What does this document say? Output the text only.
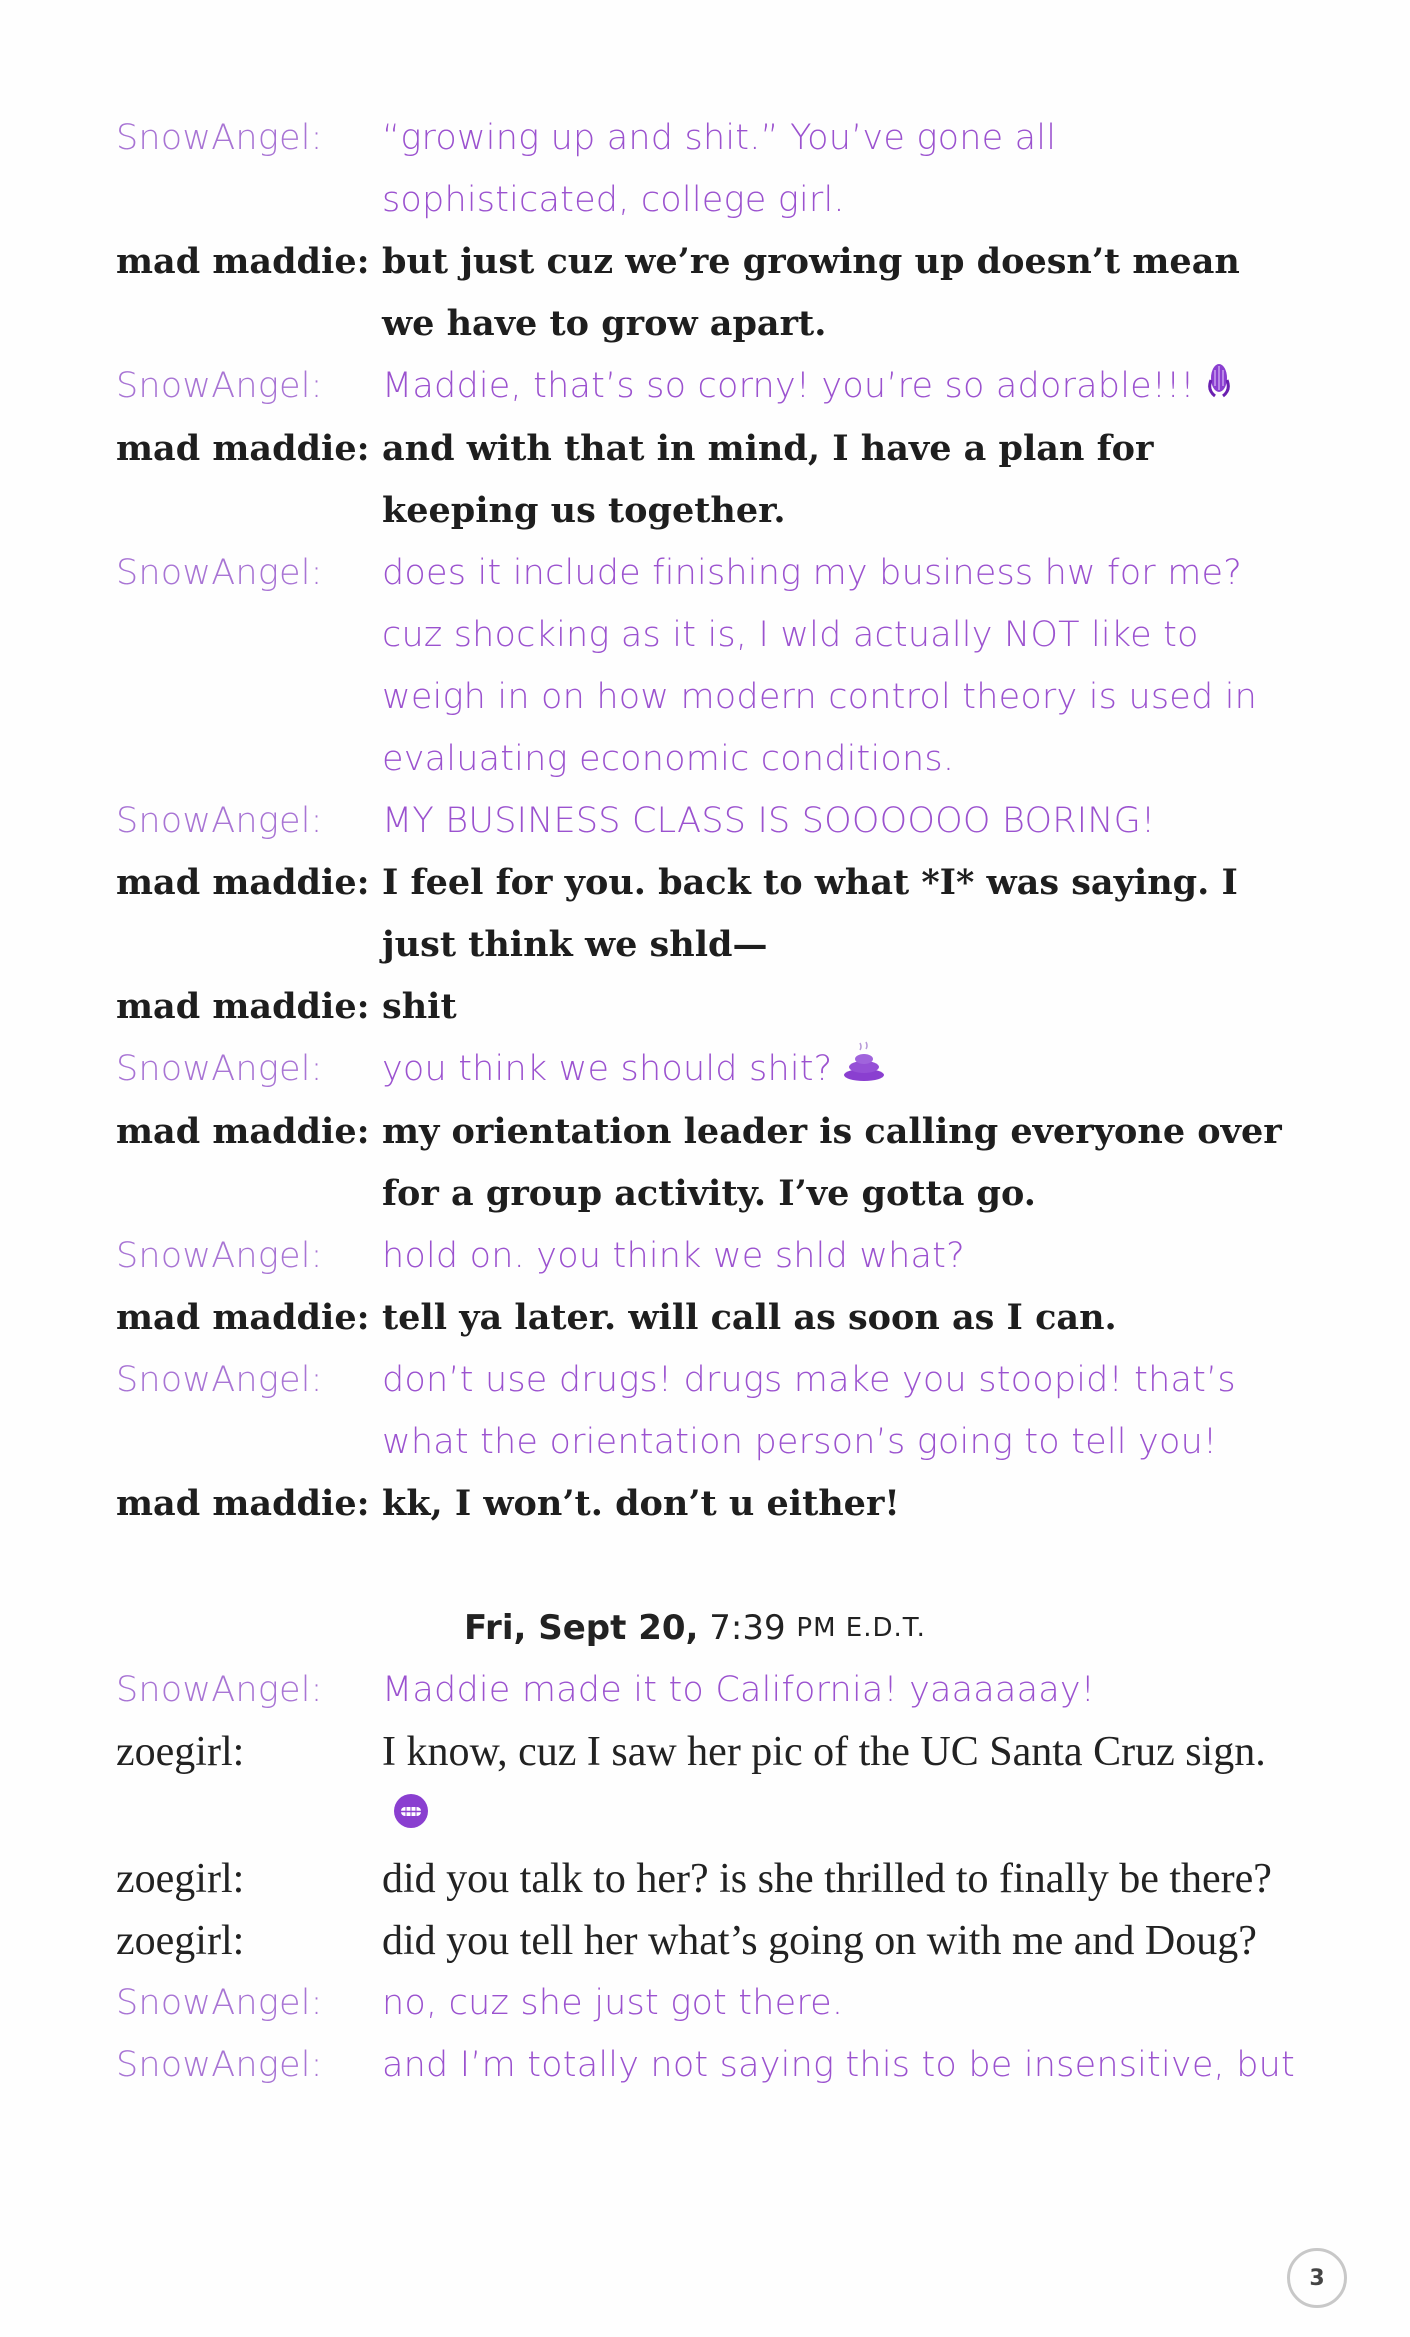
SnowAngel:	“growing up and shit.” You’ve gone all sophisticated, college girl.
mad maddie: but just cuz we’re growing up doesn’t mean we have to grow apart.
SnowAngel:	Maddie, that’s so corny! you’re so adorable!!!
mad maddie: and with that in mind, I have a plan for keeping us together.
SnowAngel:	does it include finishing my business hw for me? cuz shocking as it is, I wld actually NOT like to weigh in on how modern control theory is used in evaluating economic conditions.
SnowAngel:	MY BUSINESS CLASS IS SOOOOOO BORING!
mad maddie: I feel for you. back to what *I* was saying. I just think we shld—
mad maddie: shit
SnowAngel:	you think we should shit?
mad maddie: my orientation leader is calling everyone over for a group activity. I’ve gotta go.
SnowAngel:	hold on. you think we shld what?
mad maddie: tell ya later. will call as soon as I can.
SnowAngel:	don’t use drugs! drugs make you stoopid! that’s what the orientation person’s going to tell you!
mad maddie: kk, I won’t. don’t u either!
Fri, Sept 20,
7:39
PM E.D.T.
SnowAngel:	Maddie made it to California! yaaaaaay!
zoegirl:	I know, cuz I saw her pic of the UC Santa Cruz sign.
zoegirl:	did you talk to her? is she thrilled to finally be there?
zoegirl:	did you tell her what’s going on with me and Doug?
SnowAngel:	no, cuz she just got there.
SnowAngel:	and I’m totally not saying this to be insensitive, but
3
